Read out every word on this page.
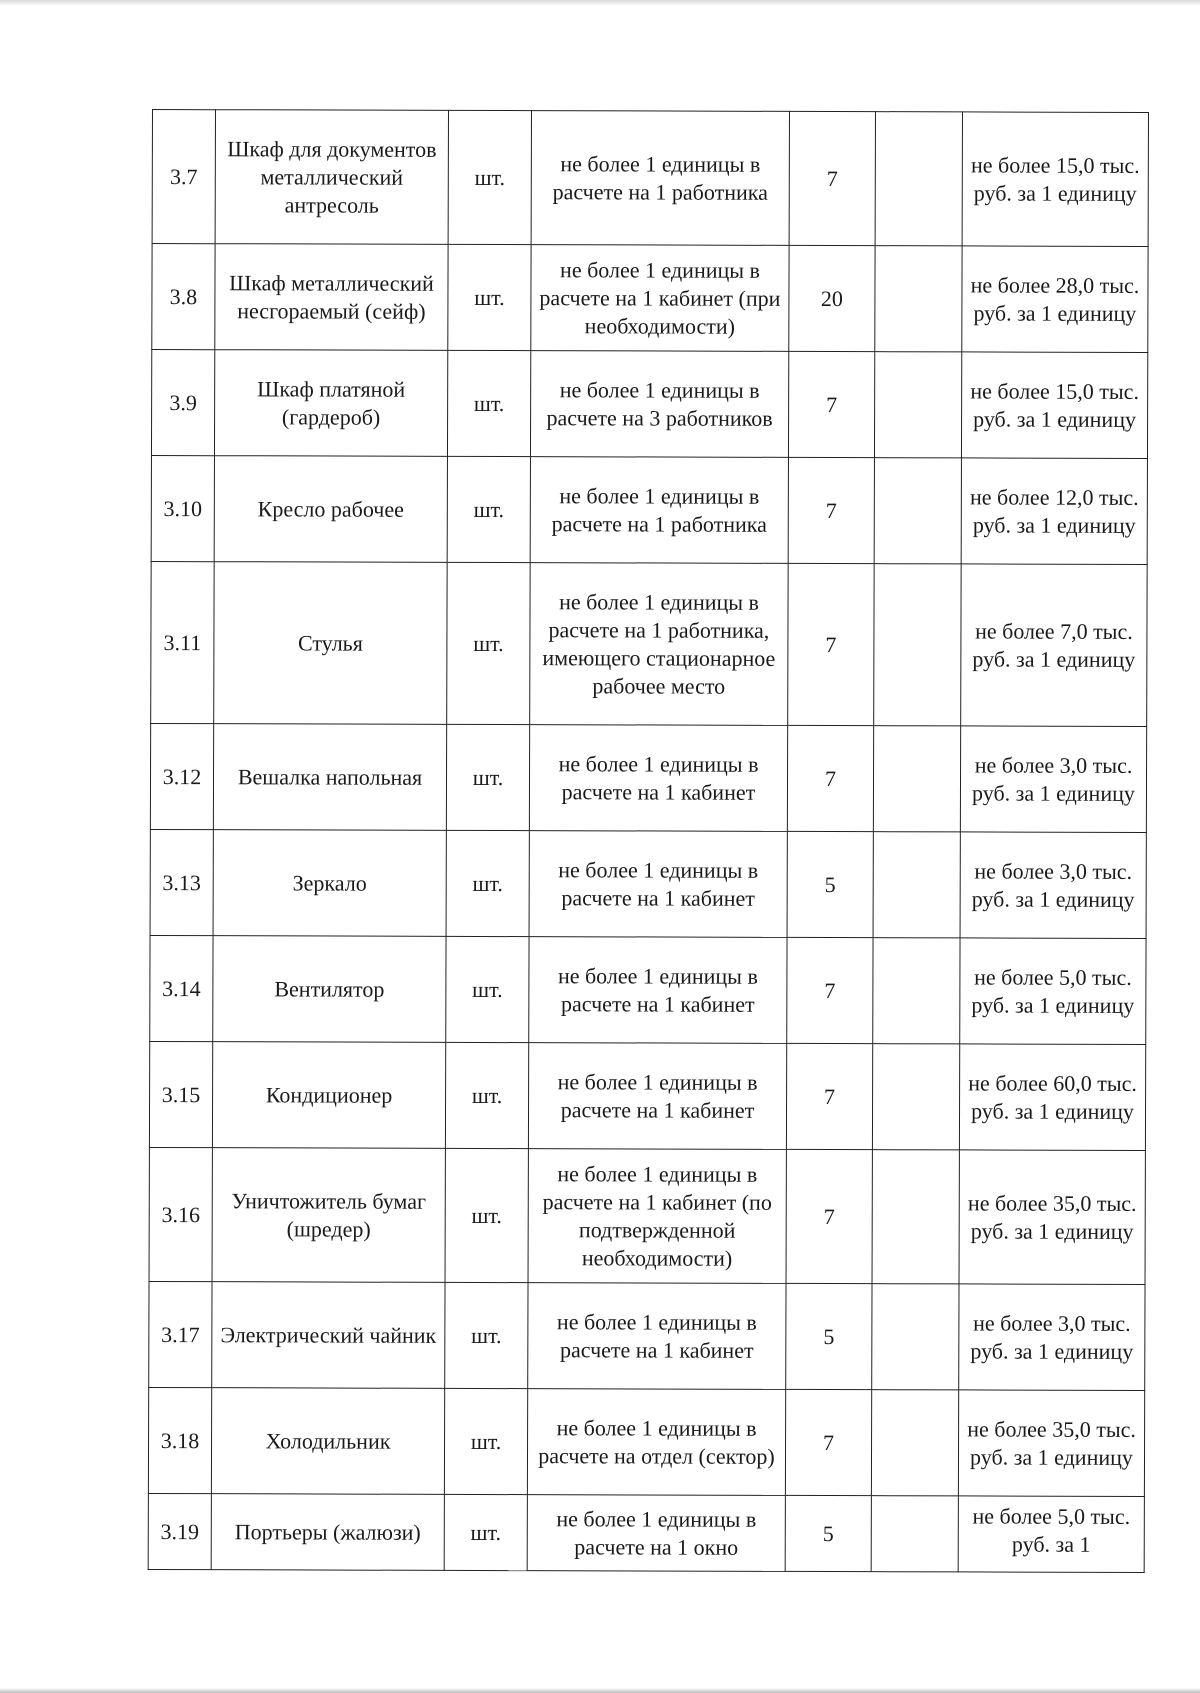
3.7	Шкаф для документов металлический антресоль	шт.	не более 1 единицы в расчете на 1 работника	7		не более 15,0 тыс. руб. за 1 единицу
3.8	Шкаф металлический несгораемый (сейф)	шт.	не более 1 единицы в расчете на 1 кабинет (при необходимости)	20		не более 28,0 тыс. руб. за 1 единицу
3.9	Шкаф платяной (гардероб)	шт.	не более 1 единицы в расчете на 3 работников	7		не более 15,0 тыс. руб. за 1 единицу
3.10	Кресло рабочее	шт.	не более 1 единицы в расчете на 1 работника	7		не более 12,0 тыс. руб. за 1 единицу
3.11	Стулья	шт.	не более 1 единицы в расчете на 1 работника, имеющего стационарное рабочее место	7		не более 7,0 тыс. руб. за 1 единицу
3.12	Вешалка напольная	шт.	не более 1 единицы в расчете на 1 кабинет	7		не более 3,0 тыс. руб. за 1 единицу
3.13	Зеркало	шт.	не более 1 единицы в расчете на 1 кабинет	5		не более 3,0 тыс. руб. за 1 единицу
3.14	Вентилятор	шт.	не более 1 единицы в расчете на 1 кабинет	7		не более 5,0 тыс. руб. за 1 единицу
3.15	Кондиционер	шт.	не более 1 единицы в расчете на 1 кабинет	7		не более 60,0 тыс. руб. за 1 единицу
3.16	Уничтожитель бумаг (шредер)	шт.	не более 1 единицы в расчете на 1 кабинет (по подтвержденной необходимости)	7		не более 35,0 тыс. руб. за 1 единицу
3.17	Электрический чайник	шт.	не более 1 единицы в расчете на 1 кабинет	5		не более 3,0 тыс. руб. за 1 единицу
3.18	Холодильник	шт.	не более 1 единицы в расчете на отдел (сектор)	7		не более 35,0 тыс. руб. за 1 единицу
3.19	Портьеры (жалюзи)	шт.	не более 1 единицы в расчете на 1 окно	5		не более 5,0 тыс. руб. за 1
